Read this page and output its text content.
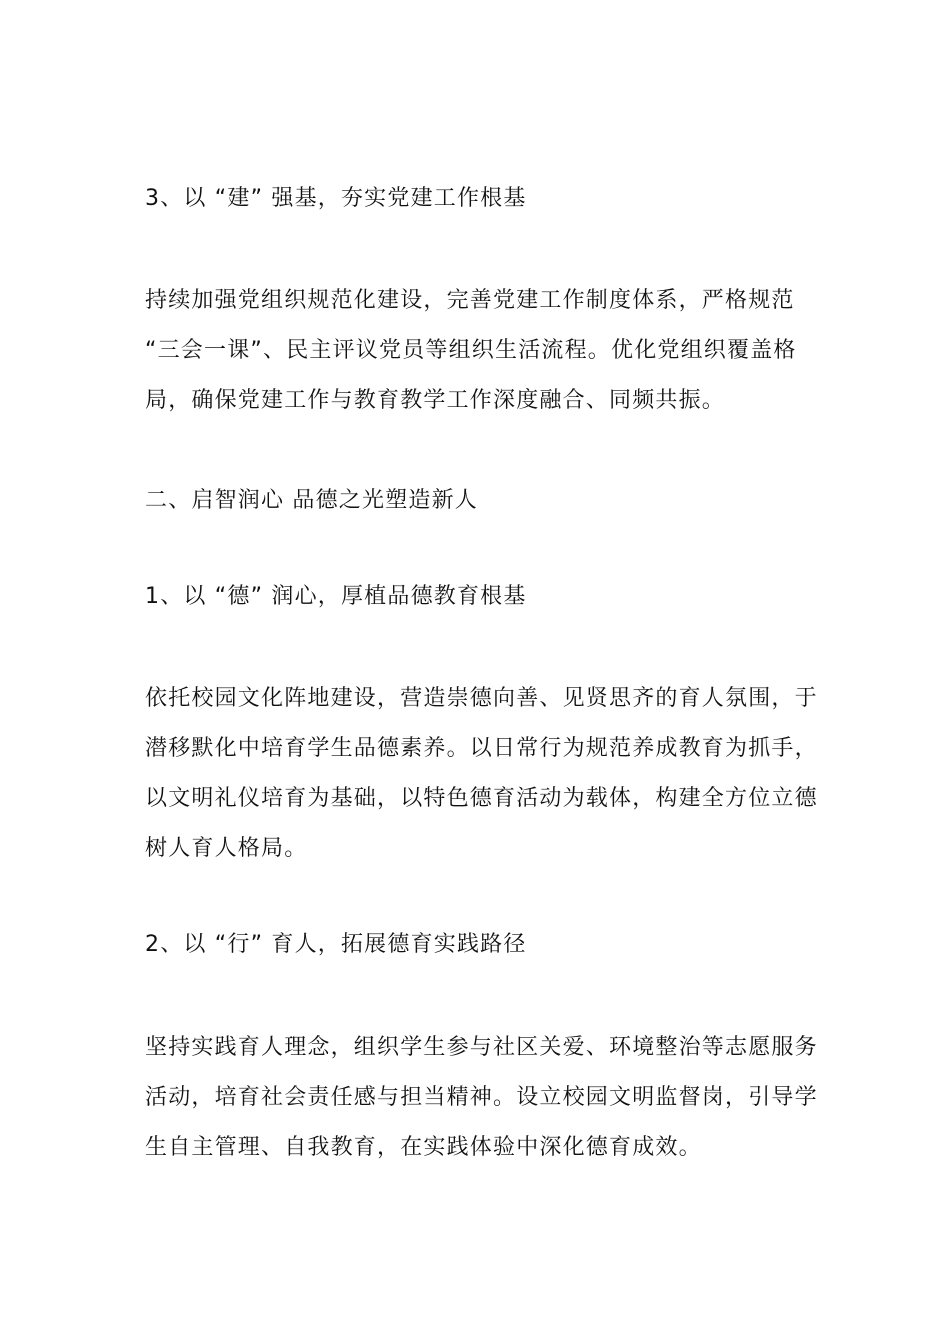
3、以 “建” 强基，夯实党建工作根基

持续加强党组织规范化建设，完善党建工作制度体系，严格规范
“三会一课”、民主评议党员等组织生活流程。优化党组织覆盖格
局，确保党建工作与教育教学工作深度融合、同频共振。

二、启智润心 品德之光塑造新人
1、以 “德” 润心，厚植品德教育根基

依托校园文化阵地建设，营造崇德向善、见贤思齐的育人氛围，于
潜移默化中培育学生品德素养。以日常行为规范养成教育为抓手，
以文明礼仪培育为基础，以特色德育活动为载体，构建全方位立德
树人育人格局。

2、以 “行” 育人，拓展德育实践路径

坚持实践育人理念，组织学生参与社区关爱、环境整治等志愿服务
活动，培育社会责任感与担当精神。设立校园文明监督岗，引导学
生自主管理、自我教育，在实践体验中深化德育成效。
